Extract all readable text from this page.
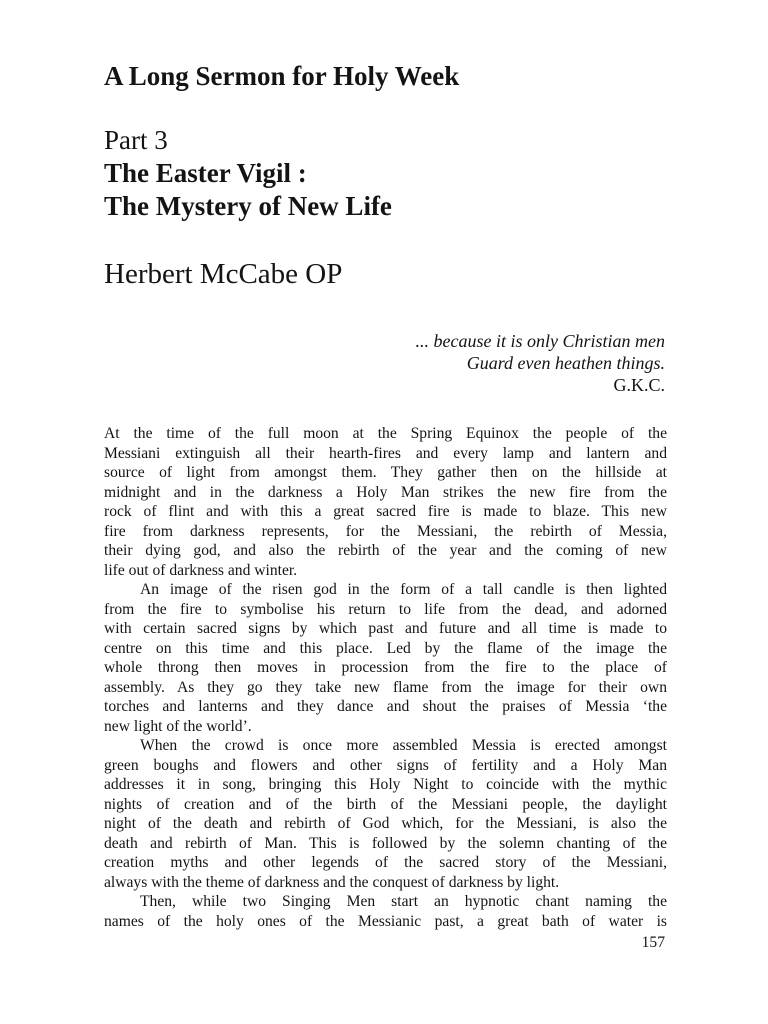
A Long Sermon for Holy Week
Part 3
The Easter Vigil :
The Mystery of New Life
Herbert McCabe OP
... because it is only Christian men
Guard even heathen things.
G.K.C.
At the time of the full moon at the Spring Equinox the people of the
Messiani extinguish all their hearth-fires and every lamp and lantern and
source of light from amongst them. They gather then on the hillside at
midnight and in the darkness a Holy Man strikes the new fire from the
rock of flint and with this a great sacred fire is made to blaze. This new
fire from darkness represents, for the Messiani, the rebirth of Messia,
their dying god, and also the rebirth of the year and the coming of new
life out of darkness and winter.
An image of the risen god in the form of a tall candle is then lighted
from the fire to symbolise his return to life from the dead, and adorned
with certain sacred signs by which past and future and all time is made to
centre on this time and this place. Led by the flame of the image the
whole throng then moves in procession from the fire to the place of
assembly. As they go they take new flame from the image for their own
torches and lanterns and they dance and shout the praises of Messia ‘the
new light of the world’.
When the crowd is once more assembled Messia is erected amongst
green boughs and flowers and other signs of fertility and a Holy Man
addresses it in song, bringing this Holy Night to coincide with the mythic
nights of creation and of the birth of the Messiani people, the daylight
night of the death and rebirth of God which, for the Messiani, is also the
death and rebirth of Man. This is followed by the solemn chanting of the
creation myths and other legends of the sacred story of the Messiani,
always with the theme of darkness and the conquest of darkness by light.
Then, while two Singing Men start an hypnotic chant naming the
names of the holy ones of the Messianic past, a great bath of water is
157
